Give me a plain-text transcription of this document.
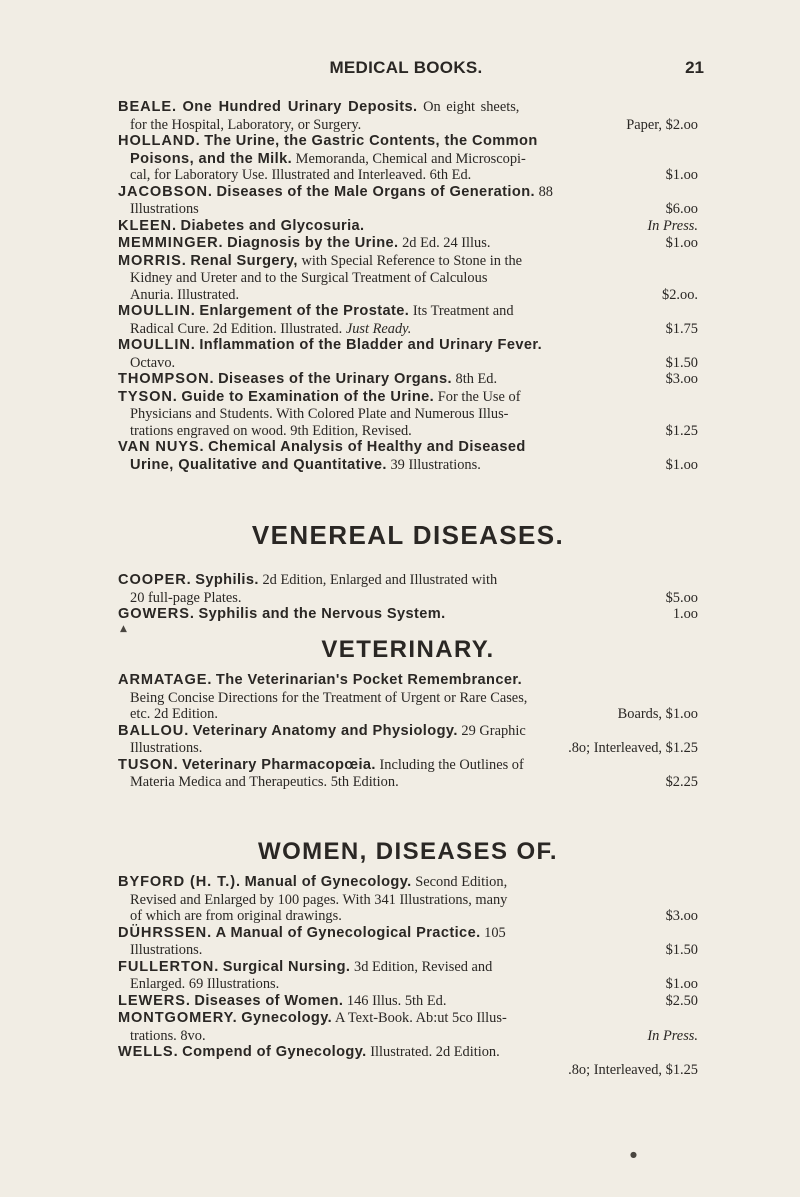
MEDICAL BOOKS.	21
BEALE. One Hundred Urinary Deposits. On eight sheets,
for the Hospital, Laboratory, or Surgery.	Paper, $2.oo
HOLLAND. The Urine, the Gastric Contents, the Common
Poisons, and the Milk. Memoranda, Chemical and Microscopi-
cal, for Laboratory Use. Illustrated and Interleaved. 6th Ed.	$1.oo
JACOBSON. Diseases of the Male Organs of Generation. 88
Illustrations	$6.oo
KLEEN. Diabetes and Glycosuria.	In Press.
MEMMINGER. Diagnosis by the Urine. 2d Ed. 24 Illus.	$1.oo
MORRIS. Renal Surgery, with Special Reference to Stone in the
Kidney and Ureter and to the Surgical Treatment of Calculous
Anuria. Illustrated.	$2.oo.
MOULLIN. Enlargement of the Prostate. Its Treatment and
Radical Cure. 2d Edition. Illustrated. Just Ready.	$1.75
MOULLIN. Inflammation of the Bladder and Urinary Fever.
Octavo.	$1.50
THOMPSON. Diseases of the Urinary Organs. 8th Ed.	$3.oo
TYSON. Guide to Examination of the Urine. For the Use of
Physicians and Students. With Colored Plate and Numerous Illus-
trations engraved on wood. 9th Edition, Revised.	$1.25
VAN NUYS. Chemical Analysis of Healthy and Diseased
Urine, Qualitative and Quantitative. 39 Illustrations.	$1.oo
VENEREAL DISEASES.
COOPER. Syphilis. 2d Edition, Enlarged and Illustrated with
20 full-page Plates.	$5.oo
GOWERS. Syphilis and the Nervous System.	1.oo
▲
VETERINARY.
ARMATAGE. The Veterinarian's Pocket Remembrancer.
Being Concise Directions for the Treatment of Urgent or Rare Cases,
etc. 2d Edition.	Boards, $1.oo
BALLOU. Veterinary Anatomy and Physiology. 29 Graphic
Illustrations.	.8o; Interleaved, $1.25
TUSON. Veterinary Pharmacopœia. Including the Outlines of
Materia Medica and Therapeutics. 5th Edition.	$2.25
WOMEN, DISEASES OF.
BYFORD (H. T.). Manual of Gynecology. Second Edition,
Revised and Enlarged by 100 pages. With 341 Illustrations, many
of which are from original drawings.	$3.oo
DÜHRSSEN. A Manual of Gynecological Practice. 105
Illustrations.	$1.50
FULLERTON. Surgical Nursing. 3d Edition, Revised and
Enlarged. 69 Illustrations.	$1.oo
LEWERS. Diseases of Women. 146 Illus. 5th Ed.	$2.50
MONTGOMERY. Gynecology. A Text-Book. Ab:ut 5co Illus-
trations. 8vo.	In Press.
WELLS. Compend of Gynecology. Illustrated. 2d Edition.
.8o; Interleaved, $1.25
●
